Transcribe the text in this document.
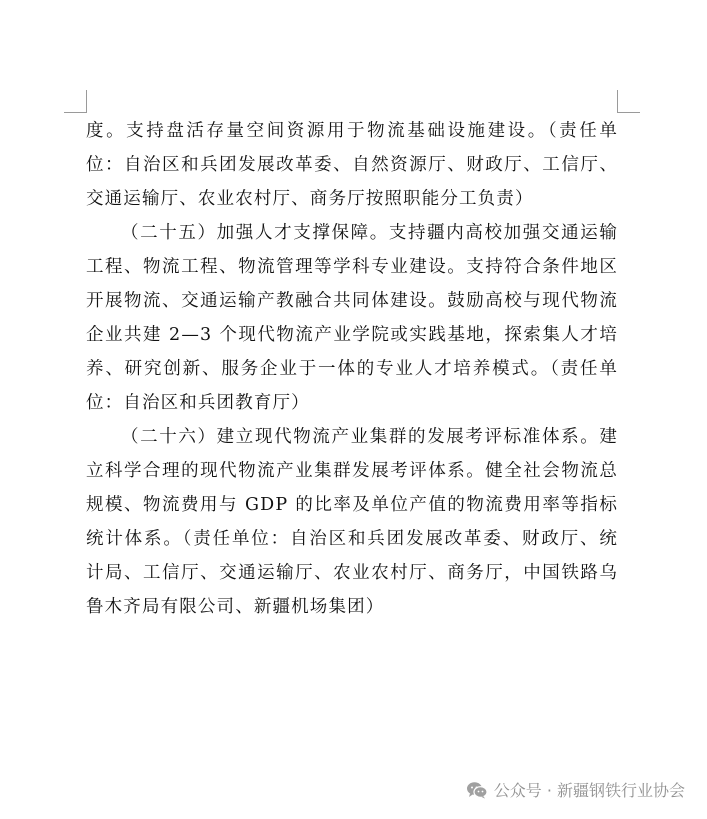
度。支持盘活存量空间资源用于物流基础设施建设。（责任单位：自治区和兵团发展改革委、自然资源厅、财政厅、工信厅、交通运输厅、农业农村厅、商务厅按照职能分工负责）

（二十五）加强人才支撑保障。支持疆内高校加强交通运输工程、物流工程、物流管理等学科专业建设。支持符合条件地区开展物流、交通运输产教融合共同体建设。鼓励高校与现代物流企业共建 2—3 个现代物流产业学院或实践基地，探索集人才培养、研究创新、服务企业于一体的专业人才培养模式。（责任单位：自治区和兵团教育厅）

（二十六）建立现代物流产业集群的发展考评标准体系。建立科学合理的现代物流产业集群发展考评体系。健全社会物流总规模、物流费用与 GDP 的比率及单位产值的物流费用率等指标统计体系。（责任单位：自治区和兵团发展改革委、财政厅、统计局、工信厅、交通运输厅、农业农村厅、商务厅，中国铁路乌鲁木齐局有限公司、新疆机场集团）

公众号 · 新疆钢铁行业协会
